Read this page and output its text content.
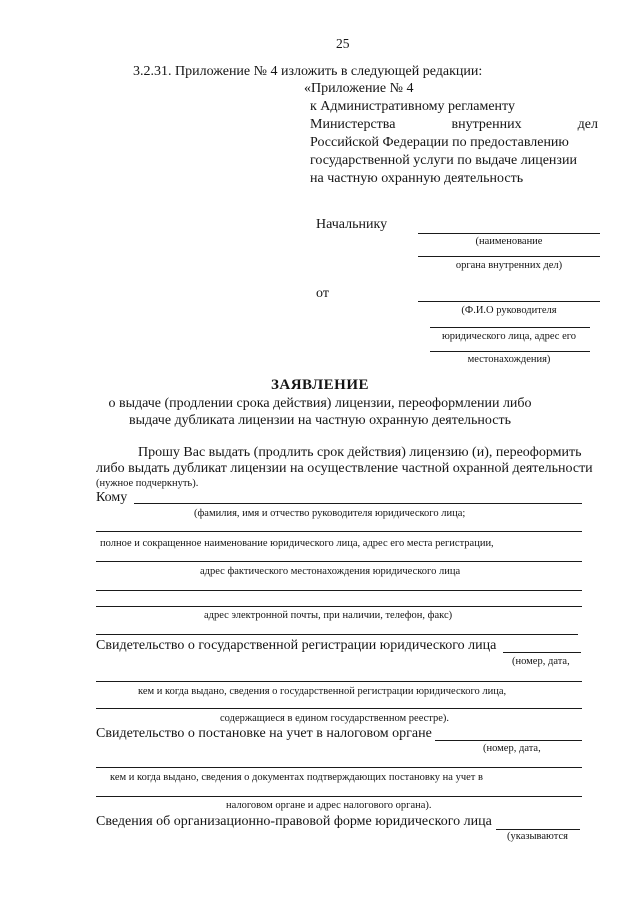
25
3.2.31. Приложение № 4 изложить в следующей редакции:
«Приложение № 4
к Административному регламенту
Министерства внутренних дел
Российской Федерации по предоставлению
государственной услуги по выдаче лицензии
на частную охранную деятельность
Начальнику
(наименование
органа внутренних дел)
от
(Ф.И.О руководителя
юридического лица, адрес его
местонахождения)
ЗАЯВЛЕНИЕ
о выдаче (продлении срока действия) лицензии, переоформлении либо
выдаче дубликата лицензии на частную охранную деятельность
Прошу Вас выдать (продлить срок действия) лицензию (и), переоформить
либо выдать дубликат лицензии на осуществление частной охранной деятельности
(нужное подчеркнуть).
Кому
(фамилия, имя и отчество руководителя юридического лица;
полное и сокращенное наименование юридического лица, адрес его места регистрации,
адрес фактического местонахождения юридического лица
адрес электронной почты, при наличии, телефон, факс)
Свидетельство о государственной регистрации юридического лица
(номер, дата,
кем и когда выдано, сведения о государственной регистрации юридического лица,
содержащиеся в едином государственном реестре).
Свидетельство о постановке на учет в налоговом органе
(номер, дата,
кем и когда выдано, сведения о документах подтверждающих постановку на учет в
налоговом органе и адрес налогового органа).
Сведения об организационно-правовой форме юридического лица
(указываются
